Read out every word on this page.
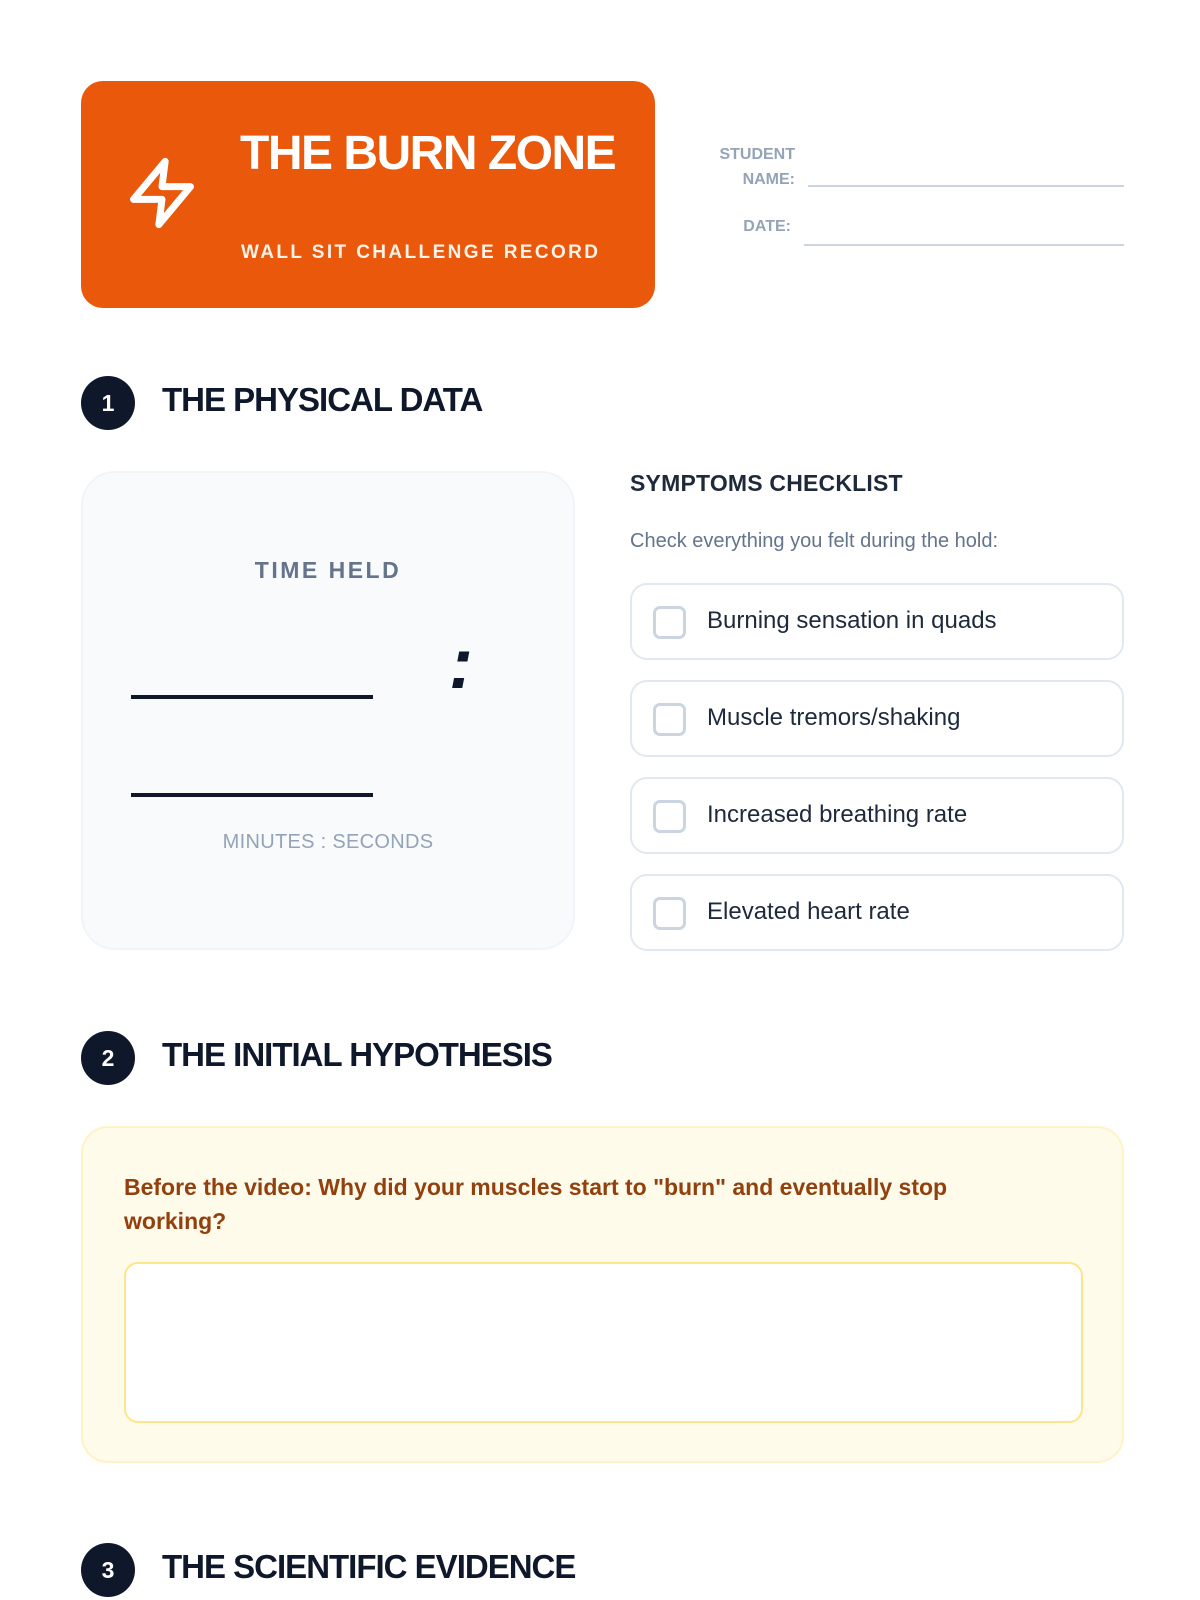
THE BURN ZONE
WALL SIT CHALLENGE RECORD
STUDENT
NAME:
DATE:
1	THE PHYSICAL DATA
TIME HELD
:
MINUTES : SECONDS
SYMPTOMS CHECKLIST
Check everything you felt during the hold:
Burning sensation in quads
Muscle tremors/shaking
Increased breathing rate
Elevated heart rate
2	THE INITIAL HYPOTHESIS
Before the video: Why did your muscles start to "burn" and eventually stop working?
3	THE SCIENTIFIC EVIDENCE
